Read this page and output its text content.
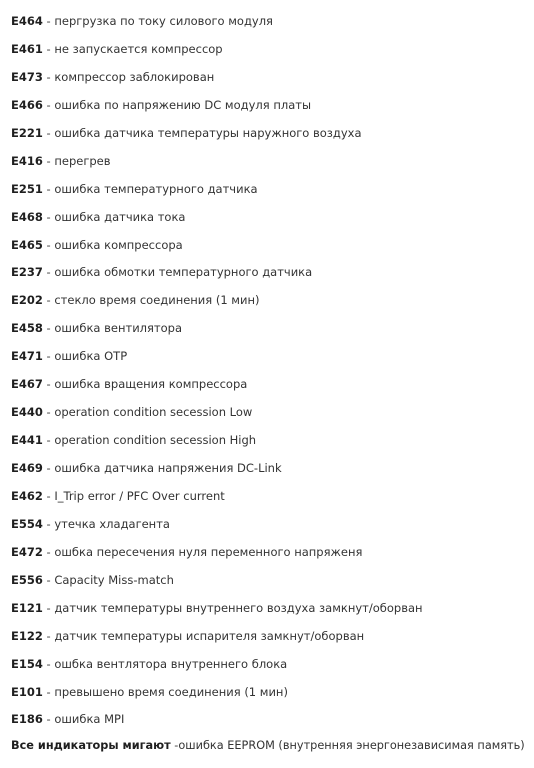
E464 - пергрузка по току силового модуля
E461 - не запускается компрессор
E473 - компрессор заблокирован
E466 - ошибка по напряжению DC модуля платы
E221 - ошибка датчика температуры наружного воздуха
E416 - перегрев
E251 - ошибка температурного датчика
E468 - ошибка датчика тока
E465 - ошибка компрессора
E237 - ошибка обмотки температурного датчика
E202 - стекло время соединения (1 мин)
E458 - ошибка вентилятора
E471 - ошибка OTP
E467 - ошибка вращения компрессора
E440 - operation condition secession Low
E441 - operation condition secession High
E469 - ошибка датчика напряжения DC-Link
E462 - I_Trip error / PFC Over current
E554 - утечка хладагента
E472 - ошбка пересечения нуля переменного напряженя
E556 - Capacity Miss-match
E121 - датчик температуры внутреннего воздуха замкнут/оборван
E122 - датчик температуры испарителя замкнут/оборван
E154 - ошбка вентлятора внутреннего блока
E101 - превышено время соединения (1 мин)
E186 - ошибка MPI
Все индикаторы мигают -ошибка EEPROM (внутренняя энергонезависимая память)
